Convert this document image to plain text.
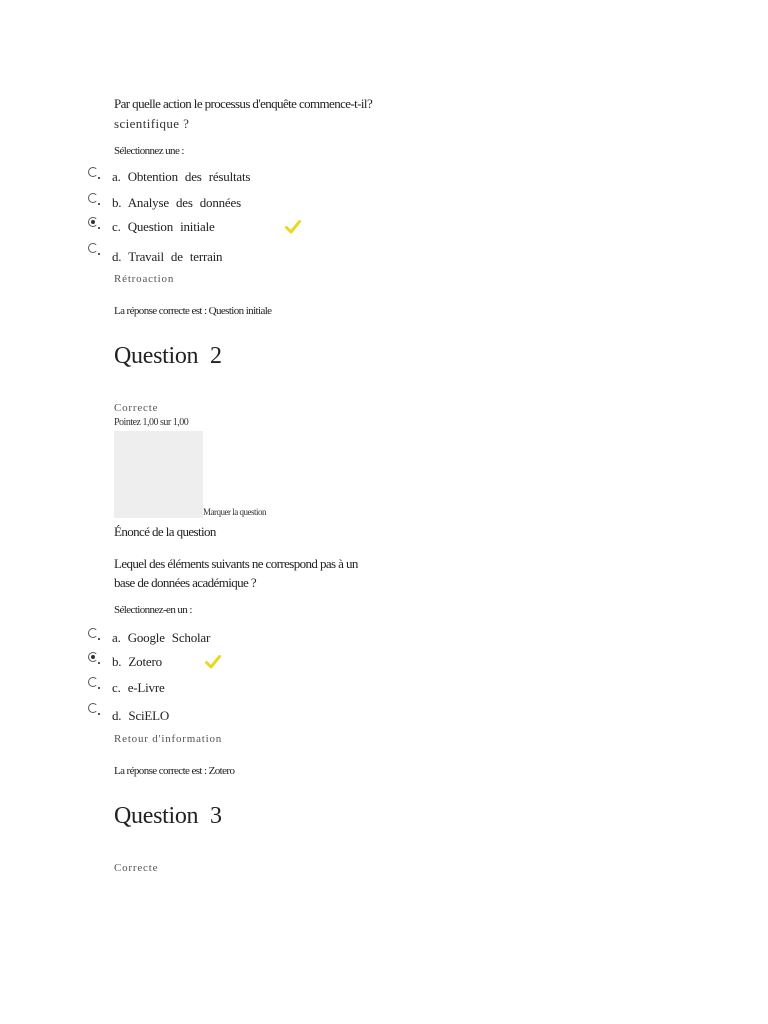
Par quelle action le processus d'enquête commence-t-il?
scientifique ?
Sélectionnez une :
a. Obtention des résultats
b. Analyse des données
c. Question initiale
d. Travail de terrain
Rétroaction
La réponse correcte est : Question initiale
Question 2
Correcte
Pointez 1,00 sur 1,00
Marquer la question
Énoncé de la question
Lequel des éléments suivants ne correspond pas à un
base de données académique ?
Sélectionnez-en un :
a. Google Scholar
b. Zotero
c. e-Livre
d. SciELO
Retour d'information
La réponse correcte est : Zotero
Question 3
Correcte
